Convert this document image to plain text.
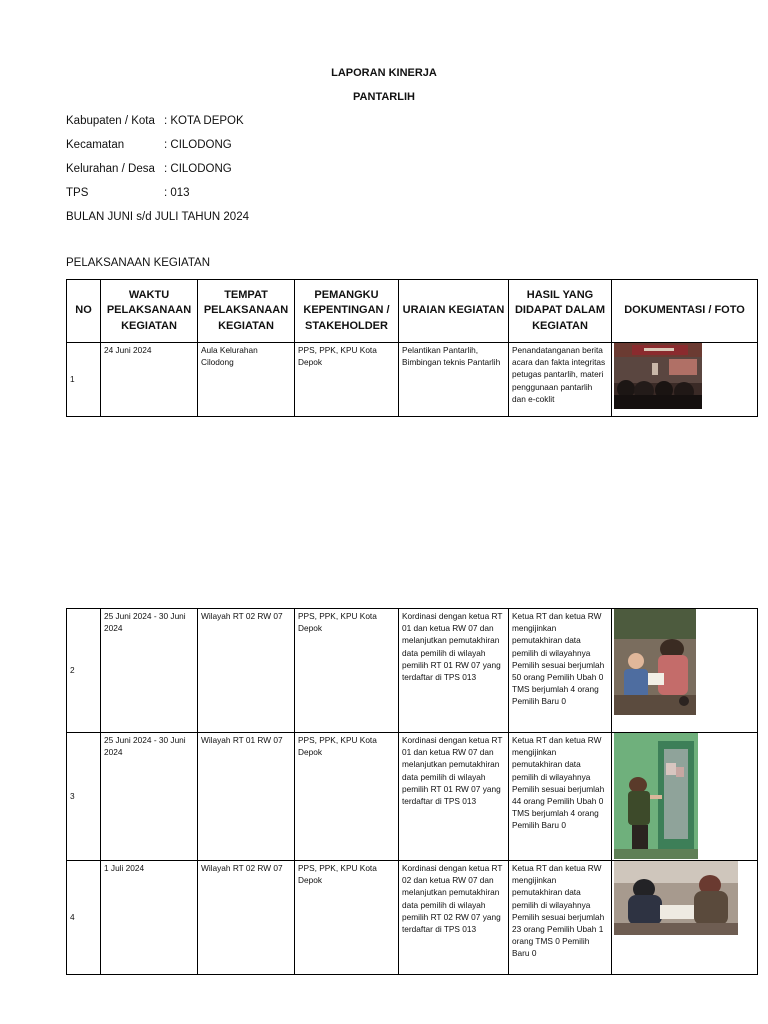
LAPORAN KINERJA
PANTARLIH
Kabupaten / Kota : KOTA DEPOK
Kecamatan	: CILODONG
Kelurahan / Desa : CILODONG
TPS	: 013
BULAN JUNI s/d JULI TAHUN 2024
PELAKSANAAN KEGIATAN
NO	WAKTU PELAKSANAAN KEGIATAN	TEMPAT PELAKSANAAN KEGIATAN	PEMANGKU KEPENTINGAN / STAKEHOLDER	URAIAN KEGIATAN	HASIL YANG DIDAPAT DALAM KEGIATAN	DOKUMENTASI / FOTO
1	24 Juni 2024	Aula Kelurahan Cilodong	PPS, PPK, KPU Kota Depok	Pelantikan Pantarlih, Bimbingan teknis Pantarlih	Penandatanganan berita acara dan fakta integritas petugas pantarlih, materi penggunaan pantarlih dan e-coklit	
2	25 Juni 2024 - 30 Juni 2024	Wilayah RT 02 RW 07	PPS, PPK, KPU Kota Depok	Kordinasi dengan ketua RT 01 dan ketua RW 07 dan melanjutkan pemutakhiran data pemilih di wilayah pemilih RT 01 RW 07 yang terdaftar di TPS 013	Ketua RT dan ketua RW mengijinkan pemutakhiran data pemilih di wilayahnya Pemilih sesuai berjumlah 50 orang Pemilih Ubah 0 TMS berjumlah 4 orang Pemilih Baru 0	

3	25 Juni 2024 - 30 Juni 2024	Wilayah RT 01 RW 07	PPS, PPK, KPU Kota Depok	Kordinasi dengan ketua RT 01 dan ketua RW 07 dan melanjutkan pemutakhiran data pemilih di wilayah pemilih RT 01 RW 07 yang terdaftar di TPS 013	Ketua RT dan ketua RW mengijinkan pemutakhiran data pemilih di wilayahnya Pemilih sesuai berjumlah 44 orang Pemilih Ubah 0 TMS berjumlah 4 orang Pemilih Baru 0	

4	1 Juli 2024	Wilayah RT 02 RW 07	PPS, PPK, KPU Kota Depok	Kordinasi dengan ketua RT 02 dan ketua RW 07 dan melanjutkan pemutakhiran data pemilih di wilayah pemilih RT 02 RW 07 yang terdaftar di TPS 013	Ketua RT dan ketua RW mengijinkan pemutakhiran data pemilih di wilayahnya Pemilih sesuai berjumlah 23 orang Pemilih Ubah 1 orang TMS 0 Pemilih Baru 0	
